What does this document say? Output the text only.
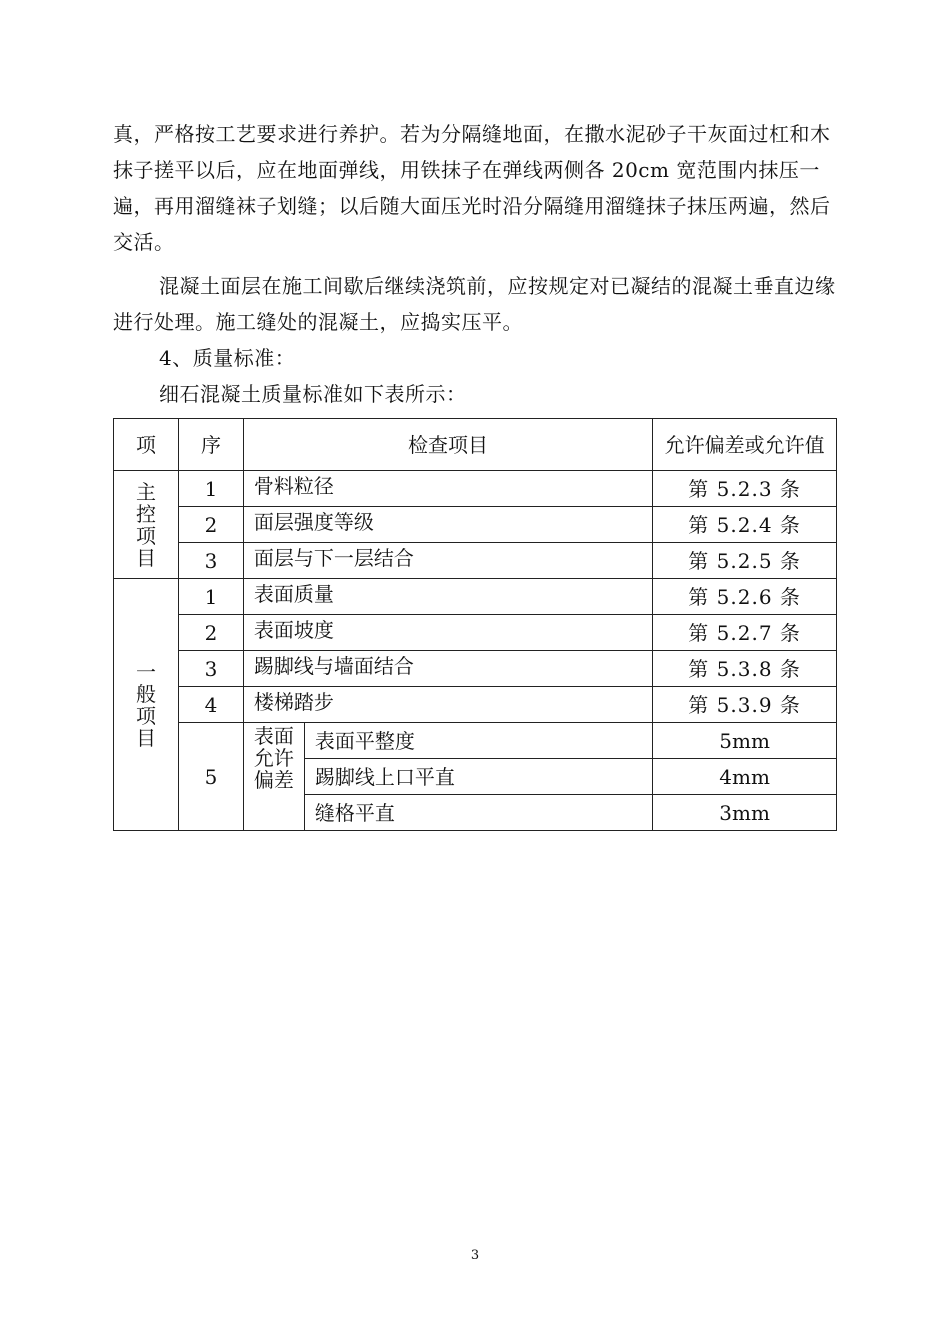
真，严格按工艺要求进行养护。若为分隔缝地面，在撒水泥砂子干灰面过杠和木抹子搓平以后，应在地面弹线，用铁抹子在弹线两侧各 20cm 宽范围内抹压一遍，再用溜缝袜子划缝；以后随大面压光时沿分隔缝用溜缝抹子抹压两遍，然后交活。

混凝土面层在施工间歇后继续浇筑前，应按规定对已凝结的混凝土垂直边缘进行处理。施工缝处的混凝土，应捣实压平。

4、质量标准：

细石混凝土质量标准如下表所示：

项	序	检查项目		允许偏差或允许值
主控项目	1	骨料粒径		第 5.2.3 条
	2	面层强度等级		第 5.2.4 条
	3	面层与下一层结合		第 5.2.5 条
一般项目	1	表面质量		第 5.2.6 条
	2	表面坡度		第 5.2.7 条
	3	踢脚线与墙面结合		第 5.3.8 条
	4	楼梯踏步		第 5.3.9 条
	5	表面允许偏差	表面平整度	5mm
			踢脚线上口平直	4mm
			缝格平直	3mm
3
